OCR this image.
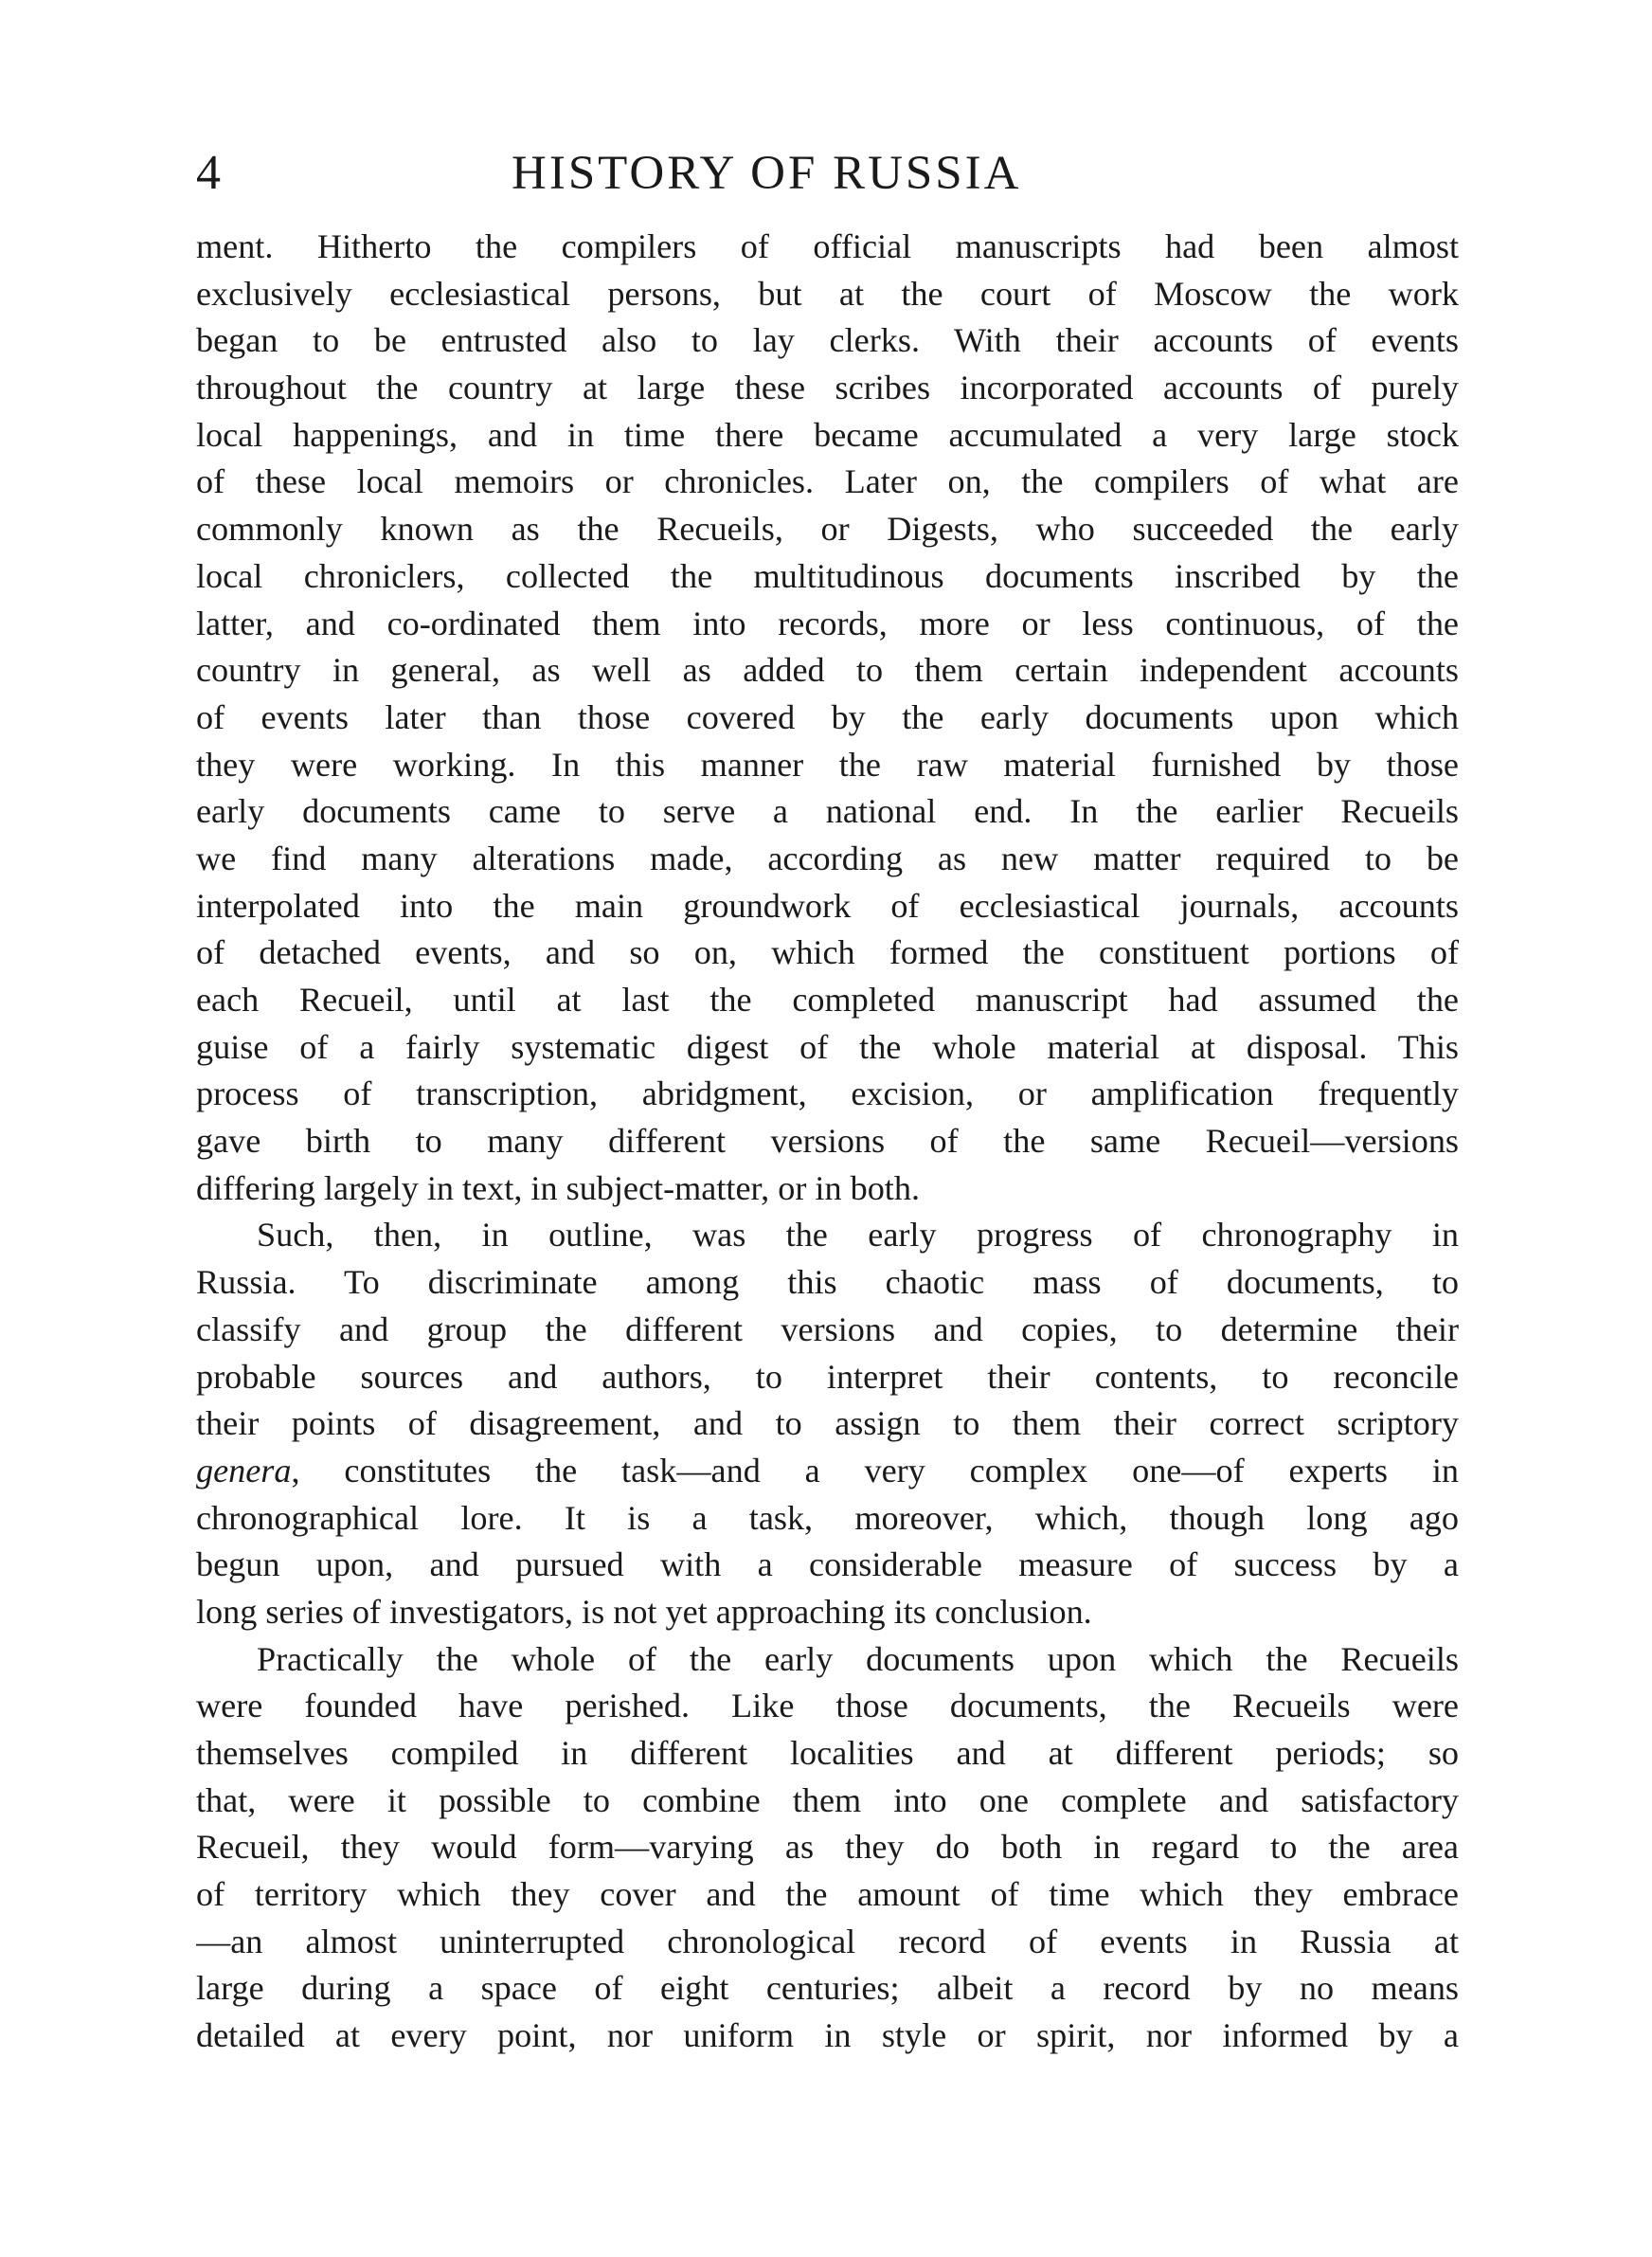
4	HISTORY OF RUSSIA
ment. Hitherto the compilers of official manuscripts had been almost
exclusively ecclesiastical persons, but at the court of Moscow the work
began to be entrusted also to lay clerks. With their accounts of events
throughout the country at large these scribes incorporated accounts of purely
local happenings, and in time there became accumulated a very large stock
of these local memoirs or chronicles. Later on, the compilers of what are
commonly known as the Recueils, or Digests, who succeeded the early
local chroniclers, collected the multitudinous documents inscribed by the
latter, and co-ordinated them into records, more or less continuous, of the
country in general, as well as added to them certain independent accounts
of events later than those covered by the early documents upon which
they were working. In this manner the raw material furnished by those
early documents came to serve a national end. In the earlier Recueils
we find many alterations made, according as new matter required to be
interpolated into the main groundwork of ecclesiastical journals, accounts
of detached events, and so on, which formed the constituent portions of
each Recueil, until at last the completed manuscript had assumed the
guise of a fairly systematic digest of the whole material at disposal. This
process of transcription, abridgment, excision, or amplification frequently
gave birth to many different versions of the same Recueil—versions
differing largely in text, in subject-matter, or in both.
Such, then, in outline, was the early progress of chronography in
Russia. To discriminate among this chaotic mass of documents, to
classify and group the different versions and copies, to determine their
probable sources and authors, to interpret their contents, to reconcile
their points of disagreement, and to assign to them their correct scriptory
genera, constitutes the task—and a very complex one—of experts in
chronographical lore. It is a task, moreover, which, though long ago
begun upon, and pursued with a considerable measure of success by a
long series of investigators, is not yet approaching its conclusion.
Practically the whole of the early documents upon which the Recueils
were founded have perished. Like those documents, the Recueils were
themselves compiled in different localities and at different periods; so
that, were it possible to combine them into one complete and satisfactory
Recueil, they would form—varying as they do both in regard to the area
of territory which they cover and the amount of time which they embrace
—an almost uninterrupted chronological record of events in Russia at
large during a space of eight centuries; albeit a record by no means
detailed at every point, nor uniform in style or spirit, nor informed by a
